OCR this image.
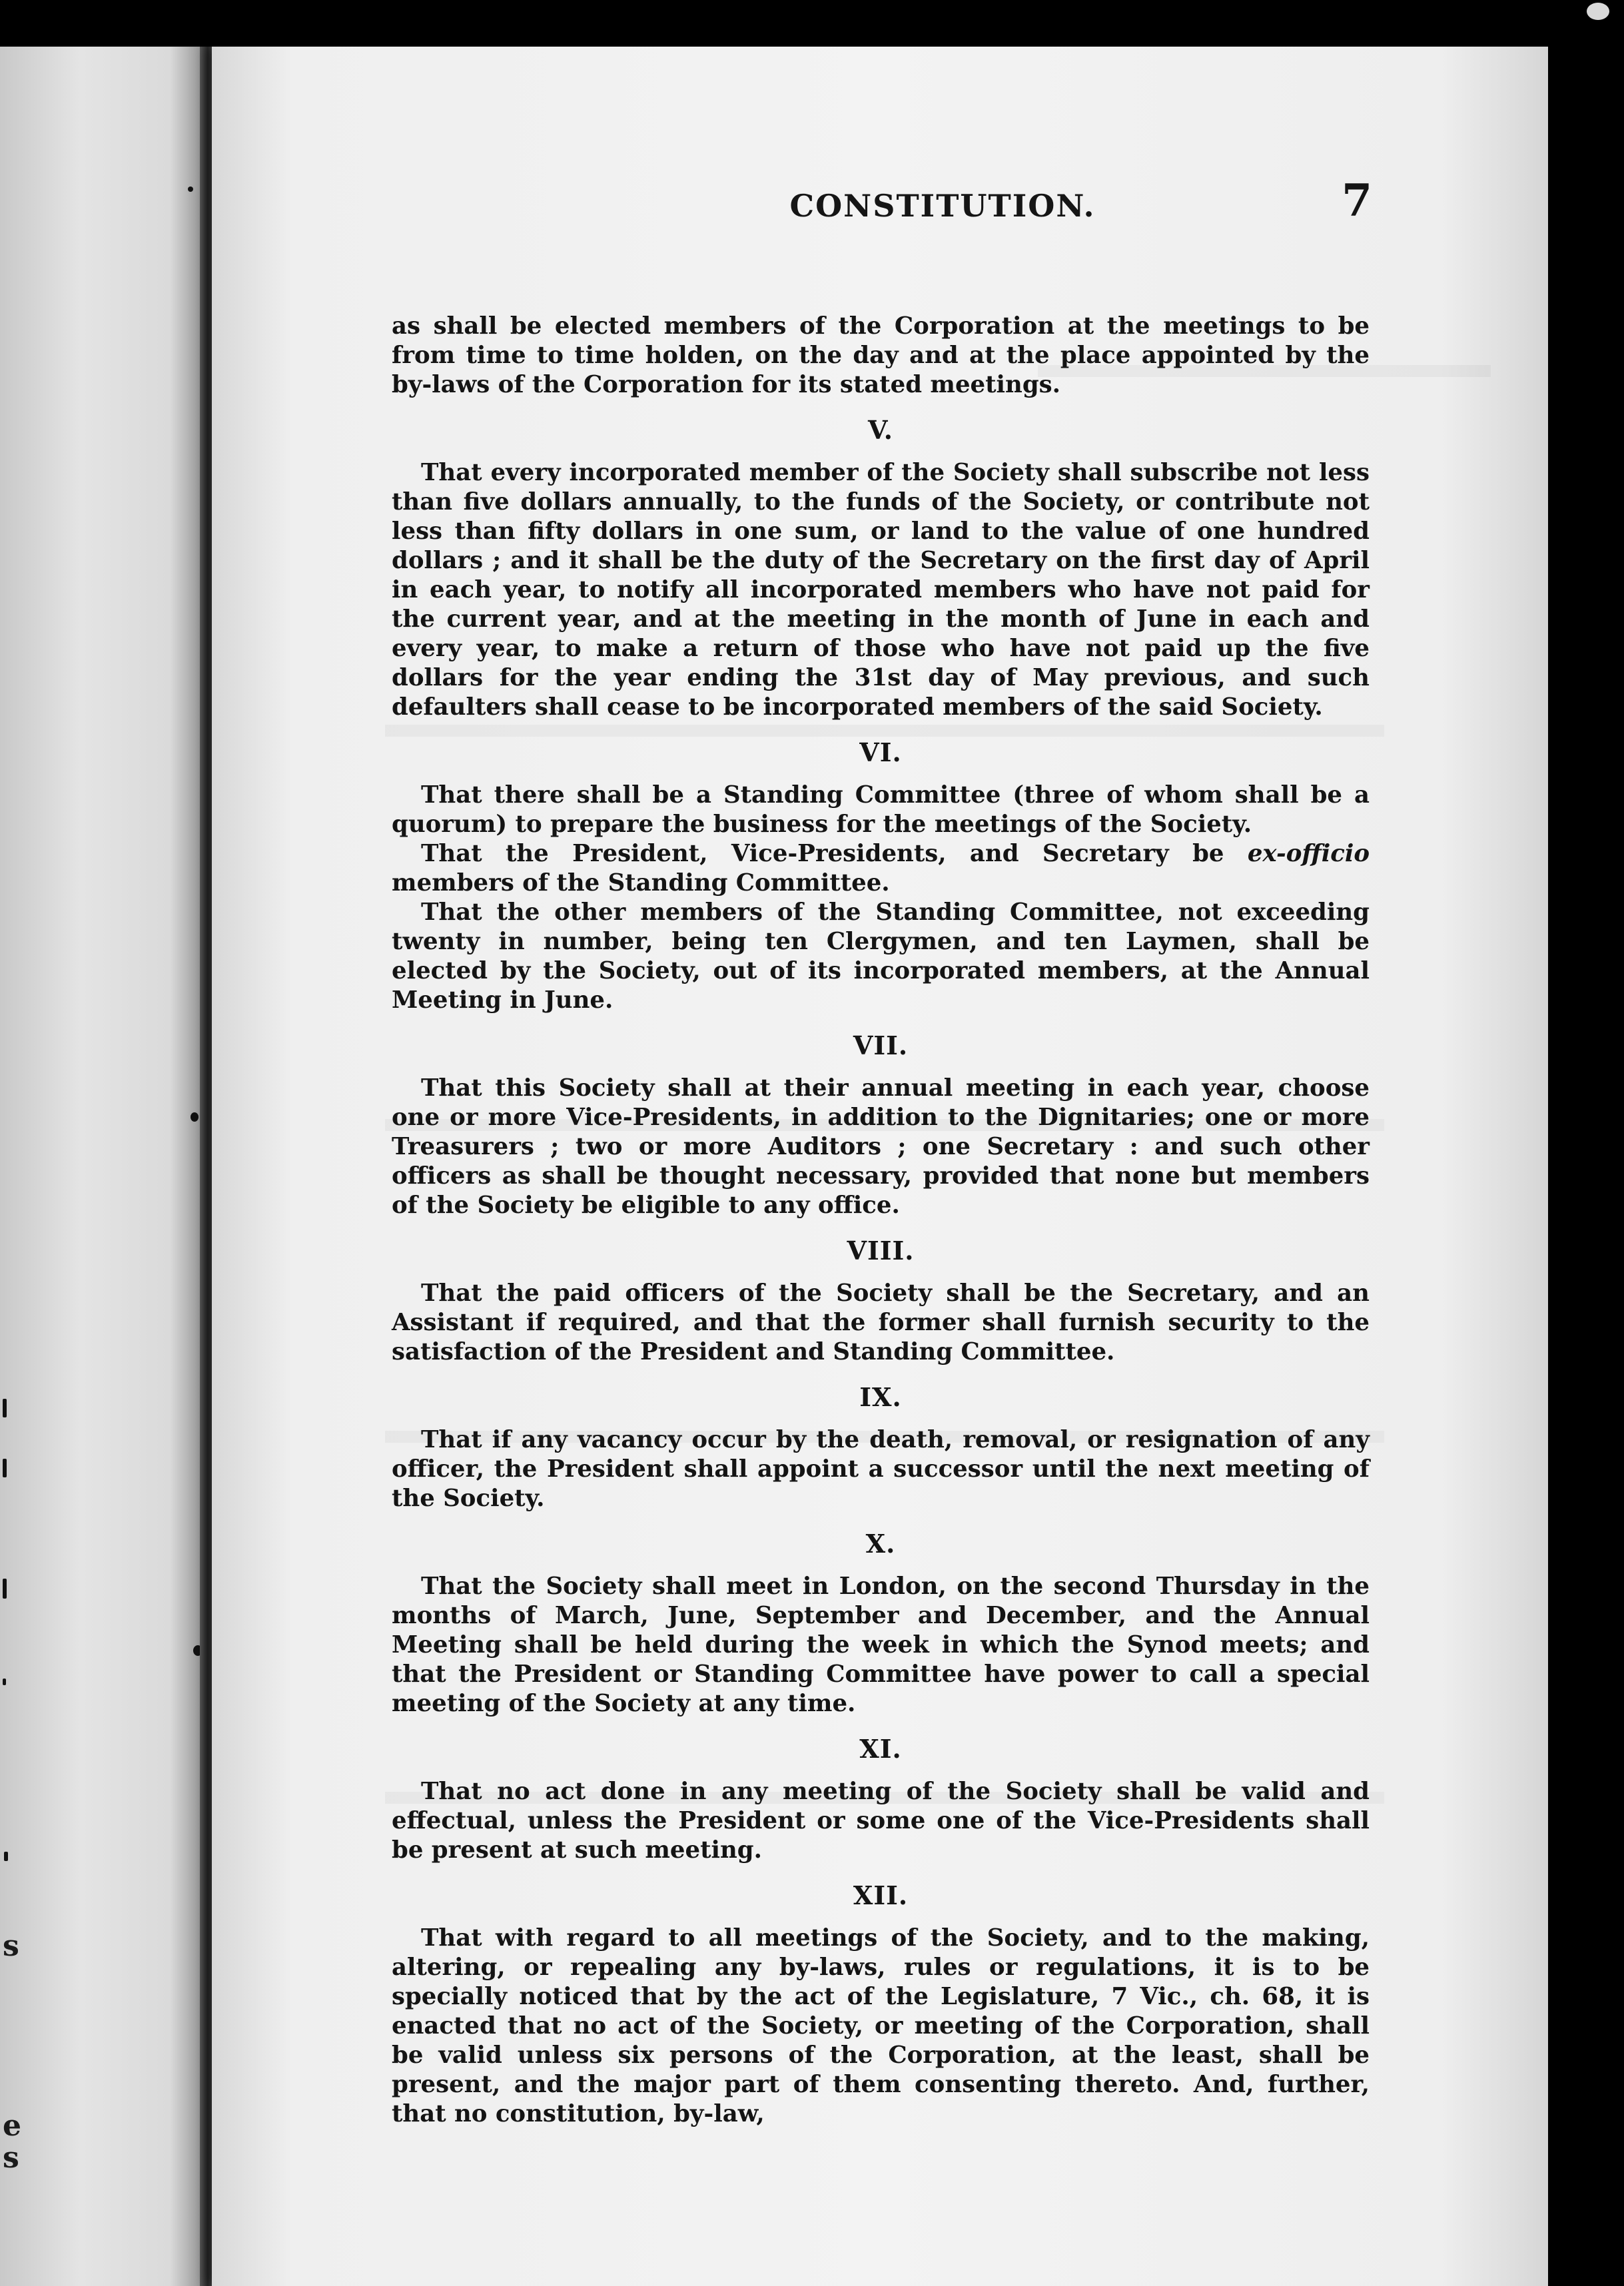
s
e
s
CONSTITUTION.	7

as shall be elected members of the Corporation at the meetings to be from time to time holden, on the day and at the place appointed by the by-laws of the Corporation for its stated meetings.

V.

That every incorporated member of the Society shall subscribe not less than five dollars annually, to the funds of the Society, or contribute not less than fifty dollars in one sum, or land to the value of one hundred dollars ; and it shall be the duty of the Secretary on the first day of April in each year, to notify all incorporated members who have not paid for the current year, and at the meeting in the month of June in each and every year, to make a return of those who have not paid up the five dollars for the year ending the 31st day of May previous, and such defaulters shall cease to be incorporated members of the said Society.

VI.

That there shall be a Standing Committee (three of whom shall be a quorum) to prepare the business for the meetings of the Society.

That the President, Vice-Presidents, and Secretary be ex-officio members of the Standing Committee.

That the other members of the Standing Committee, not exceeding twenty in number, being ten Clergymen, and ten Laymen, shall be elected by the Society, out of its incorporated members, at the Annual Meeting in June.

VII.

That this Society shall at their annual meeting in each year, choose one or more Vice-Presidents, in addition to the Dignitaries; one or more Treasurers ; two or more Auditors ; one Secretary : and such other officers as shall be thought necessary, provided that none but members of the Society be eligible to any office.

VIII.

That the paid officers of the Society shall be the Secretary, and an Assistant if required, and that the former shall furnish security to the satisfaction of the President and Standing Committee.

IX.

That if any vacancy occur by the death, removal, or resignation of any officer, the President shall appoint a successor until the next meeting of the Society.

X.

That the Society shall meet in London, on the second Thursday in the months of March, June, September and December, and the Annual Meeting shall be held during the week in which the Synod meets; and that the President or Standing Committee have power to call a special meeting of the Society at any time.

XI.

That no act done in any meeting of the Society shall be valid and effectual, unless the President or some one of the Vice-Presidents shall be present at such meeting.

XII.

That with regard to all meetings of the Society, and to the making, altering, or repealing any by-laws, rules or regulations, it is to be specially noticed that by the act of the Legislature, 7 Vic., ch. 68, it is enacted that no act of the Society, or meeting of the Corporation, shall be valid unless six persons of the Corporation, at the least, shall be present, and the major part of them consenting thereto. And, further, that no constitution, by-law,
